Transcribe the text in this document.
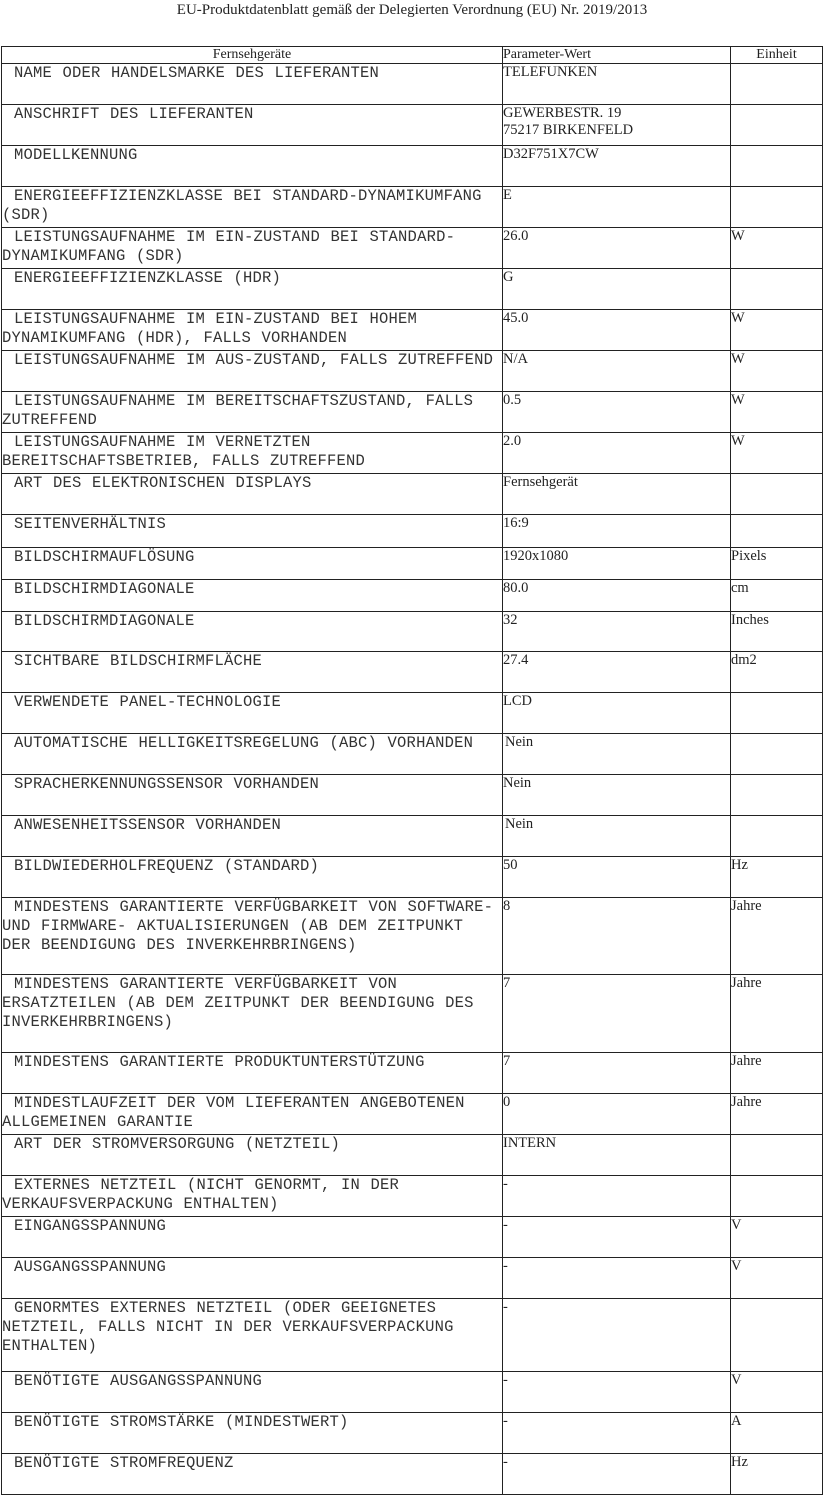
EU-Produktdatenblatt gemäß der Delegierten Verordnung (EU) Nr. 2019/2013
Fernsehgeräte	Parameter-Wert	Einheit
NAME ODER HANDELSMARKE DES LIEFERANTEN	TELEFUNKEN	
ANSCHRIFT DES LIEFERANTEN	GEWERBESTR. 19
75217 BIRKENFELD	
MODELLKENNUNG	D32F751X7CW	
ENERGIEEFFIZIENZKLASSE BEI STANDARD-DYNAMIKUMFANG (SDR)	E	
LEISTUNGSAUFNAHME IM EIN-ZUSTAND BEI STANDARD- DYNAMIKUMFANG (SDR)	26.0	W
ENERGIEEFFIZIENZKLASSE (HDR)	G	
LEISTUNGSAUFNAHME IM EIN-ZUSTAND BEI HOHEM DYNAMIKUMFANG (HDR), FALLS VORHANDEN	45.0	W
LEISTUNGSAUFNAHME IM AUS-ZUSTAND, FALLS ZUTREFFEND	N/A	W
LEISTUNGSAUFNAHME IM BEREITSCHAFTSZUSTAND, FALLS ZUTREFFEND	0.5	W
LEISTUNGSAUFNAHME IM VERNETZTEN BEREITSCHAFTSBETRIEB, FALLS ZUTREFFEND	2.0	W
ART DES ELEKTRONISCHEN DISPLAYS	Fernsehgerät	
SEITENVERHÄLTNIS	16:9	
BILDSCHIRMAUFLÖSUNG	1920x1080	Pixels
BILDSCHIRMDIAGONALE	80.0	cm
BILDSCHIRMDIAGONALE	32	Inches
SICHTBARE BILDSCHIRMFLÄCHE	27.4	dm2
VERWENDETE PANEL-TECHNOLOGIE	LCD	
AUTOMATISCHE HELLIGKEITSREGELUNG (ABC) VORHANDEN	Nein	
SPRACHERKENNUNGSSENSOR VORHANDEN	Nein	
ANWESENHEITSSENSOR VORHANDEN	Nein	
BILDWIEDERHOLFREQUENZ (STANDARD)	50	Hz
MINDESTENS GARANTIERTE VERFÜGBARKEIT VON SOFTWARE- UND FIRMWARE- AKTUALISIERUNGEN (AB DEM ZEITPUNKT DER BEENDIGUNG DES INVERKEHRBRINGENS)	8	Jahre
MINDESTENS GARANTIERTE VERFÜGBARKEIT VON ERSATZTEILEN (AB DEM ZEITPUNKT DER BEENDIGUNG DES INVERKEHRBRINGENS)	7	Jahre
MINDESTENS GARANTIERTE PRODUKTUNTERSTÜTZUNG	7	Jahre
MINDESTLAUFZEIT DER VOM LIEFERANTEN ANGEBOTENEN ALLGEMEINEN GARANTIE	0	Jahre
ART DER STROMVERSORGUNG (NETZTEIL)	INTERN	
EXTERNES NETZTEIL (NICHT GENORMT, IN DER VERKAUFSVERPACKUNG ENTHALTEN)	-	
EINGANGSSPANNUNG	-	V
AUSGANGSSPANNUNG	-	V
GENORMTES EXTERNES NETZTEIL (ODER GEEIGNETES NETZTEIL, FALLS NICHT IN DER VERKAUFSVERPACKUNG ENTHALTEN)	-	
BENÖTIGTE AUSGANGSSPANNUNG	-	V
BENÖTIGTE STROMSTÄRKE (MINDESTWERT)	-	A
BENÖTIGTE STROMFREQUENZ	-	Hz
